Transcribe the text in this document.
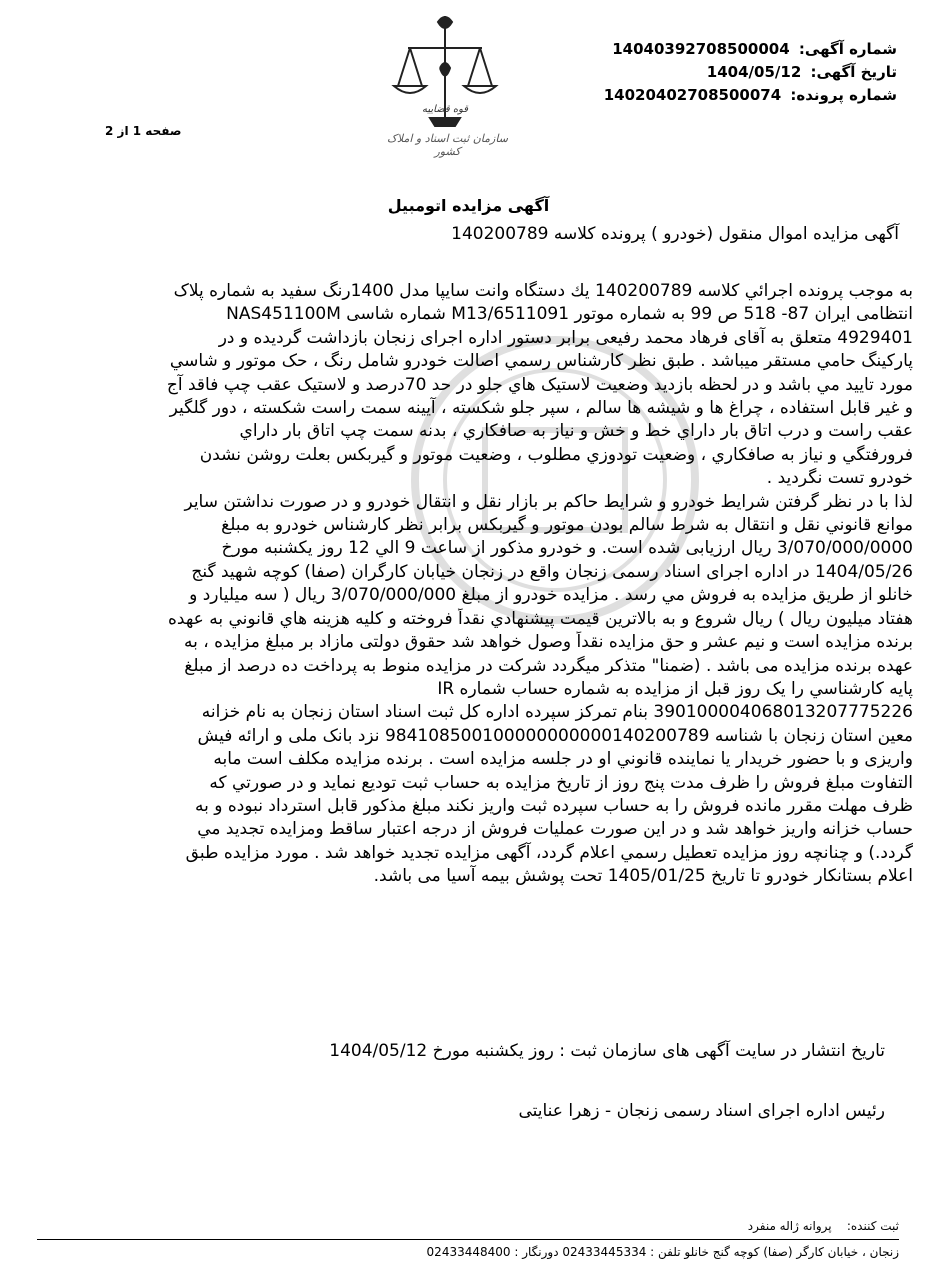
شماره آگهی: 14040392708500004
تاریخ آگهی: 1404/05/12
شماره پرونده: 14020402708500074
قوه قضاییه
سازمان ثبت اسناد و املاک کشور
صفحه 1 از 2
آگهی مزایده اتومبیل
آگهی مزایده اموال منقول (خودرو ) پرونده کلاسه 140200789
به موجب پرونده اجرائي كلاسه 140200789 يك دستگاه وانت سايپا مدل 1400رنگ سفيد به شماره پلاک
انتظامی ایران 87- 518 ص 99 به شماره موتور M13/6511091 شماره شاسی NAS451100M
4929401 متعلق به آقای فرهاد محمد رفيعی برابر دستور اداره اجرای زنجان بازداشت گرديده و در
پاركينگ حامي مستقر ميباشد . طبق نظر كارشناس رسمي اصالت خودرو شامل رنگ ، حک موتور و شاسي
مورد تاييد مي باشد و در لحظه بازديد وضعيت لاستيک هاي جلو در حد 70درصد و لاستیک عقب چپ فاقد آج
و غیر قابل استفاده ، چراغ ها و شیشه ها سالم ، سپر جلو شکسته ، آیینه سمت راست شکسته ، دور گلگیر
عقب راست و درب اتاق بار داراي خط و خش و نیاز به صافکاري ، بدنه سمت چپ اتاق بار داراي
فرورفتگي و نياز به صافكاري ، وضعيت تودوزي مطلوب ، وضعیت موتور و گیربکس بعلت روشن نشدن
خودرو تست نگردید .
لذا با در نظر گرفتن شرايط خودرو و شرايط حاكم بر بازار نقل و انتقال خودرو و در صورت نداشتن ساير
موانع قانوني نقل و انتقال به شرط سالم بودن موتور و گیربکس برابر نظر كارشناس خودرو به مبلغ
3/070/000/0000 ريال ارزيابی شده است. و خودرو مذكور از ساعت 9 الي 12 روز يكشنبه مورخ
1404/05/26 در اداره اجرای اسناد رسمی زنجان واقع در زنجان خیابان کارگران (صفا) کوچه شهید گنج
خانلو از طريق مزايده به فروش مي رسد . مزايده خودرو از مبلغ 3/070/000/000 ريال ( سه ميليارد و
هفتاد ميليون ريال ) ريال شروع و به بالاترين قيمت پيشنهادي نقداً فروخته و كليه هزينه هاي قانوني به عهده
برنده مزايده است و نيم عشر و حق مزايده نقداً وصول خواهد شد حقوق دولتی مازاد بر مبلغ مزایده ، به
عهده برنده مزایده می باشد . (ضمنا" متذکر میگردد شرکت در مزایده منوط به پرداخت ده درصد از مبلغ
پايه كارشناسي را يک روز قبل از مزايده به شماره حساب شماره IR
390100004068013207775226 بنام تمرکز سپرده اداره کل ثبت اسناد استان زنجان به نام خزانه
معين استان زنجان با شناسه 984108500100000000000140200789 نزد بانک ملی و ارائه فيش
واريزی و با حضور خريدار يا نماينده قانوني او در جلسه مزايده است . برنده مزايده مكلف است مابه
التفاوت مبلغ فروش را ظرف مدت پنج روز از تاريخ مزايده به حساب ثبت توديع نمايد و در صورتي كه
ظرف مهلت مقرر مانده فروش را به حساب سپرده ثبت واريز نكند مبلغ مذكور قابل استرداد نبوده و به
حساب خزانه واريز خواهد شد و در اين صورت عمليات فروش از درجه اعتبار ساقط ومزايده تجديد مي
گردد.) و چنانچه روز مزايده تعطيل رسمي اعلام گردد، آگهی مزايده تجديد خواهد شد . مورد مزایده طبق
اعلام بستانکار خودرو تا تاریخ 1405/01/25 تحت پوشش بیمه آسیا می باشد.
تاریخ انتشار در سایت آگهی های سازمان ثبت : روز یکشنبه مورخ 1404/05/12
رئیس اداره اجرای اسناد رسمی زنجان - زهرا عنایتی
ثبت کننده:    پروانه ژاله منفرد
زنجان ، خيابان كارگر (صفا) كوچه گنج خانلو تلفن : 02433445334 دورنگار : 02433448400
